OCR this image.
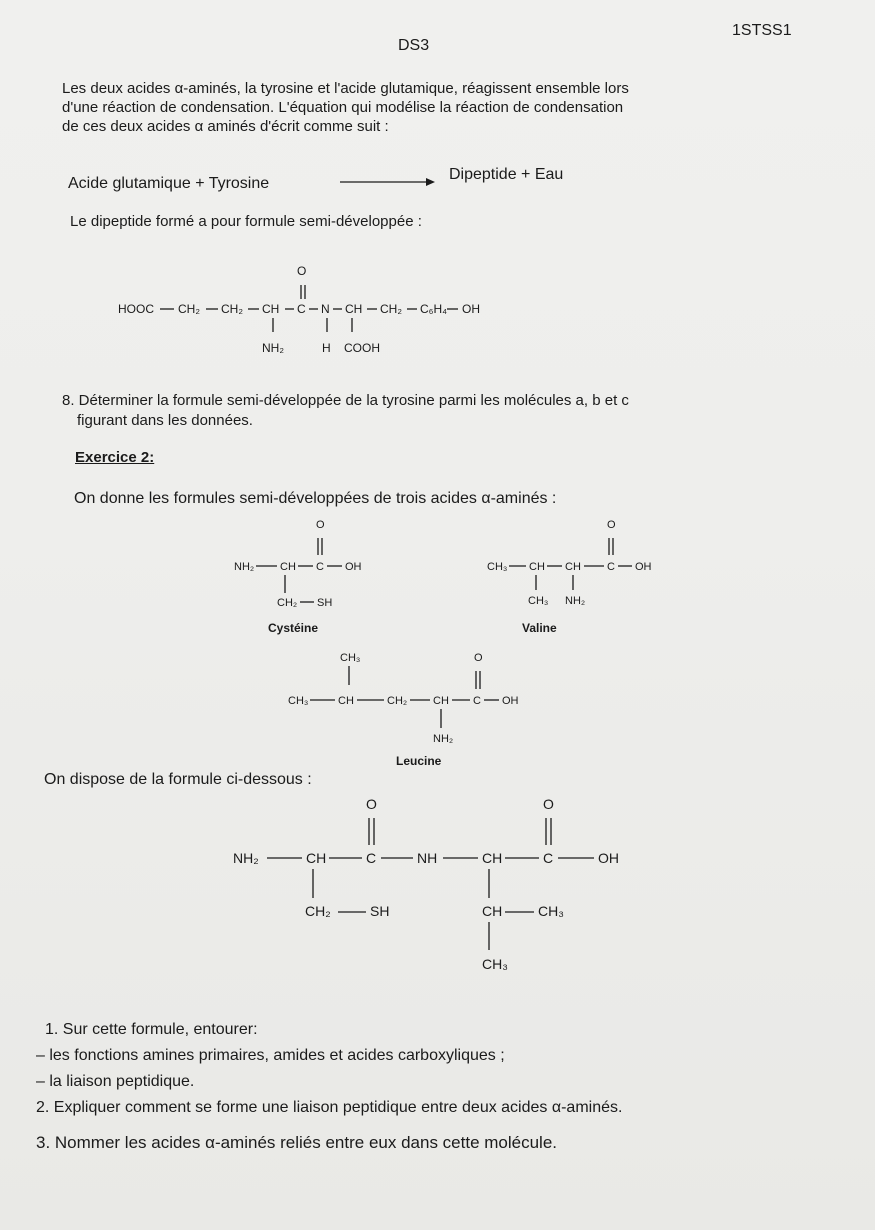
DS3
1STSS1
Les deux acides α-aminés, la tyrosine et l'acide glutamique, réagissent ensemble lors
d'une réaction de condensation. L'équation qui modélise la réaction de condensation
de ces deux acides α aminés d'écrit comme suit :
Acide glutamique + Tyrosine
Dipeptide + Eau
Le dipeptide formé a pour formule semi-développée :
HOOC CH₂ CH₂ CH C N CH CH₂ C₆H₄ OH
O
NH₂	H COOH
8. Déterminer la formule semi-développée de la tyrosine parmi les molécules a, b et c
figurant dans les données.
Exercice 2:
On donne les formules semi-développées de trois acides α-aminés :
NH₂ CH C OH
O
CH₂ SH
Cystéine
CH₃ CH CH C OH
O
CH₃ NH₂
Valine
CH₃
CH₃	CH	CH₂ CH C OH
O
NH₂
Leucine
On dispose de la formule ci-dessous :
NH₂	CH	C	NH	CH	C	OH
O	O
CH₂	SH	CH	CH₃
CH₃
1. Sur cette formule, entourer:
– les fonctions amines primaires, amides et acides carboxyliques ;
– la liaison peptidique.
2. Expliquer comment se forme une liaison peptidique entre deux acides α-aminés.
3. Nommer les acides α-aminés reliés entre eux dans cette molécule.
